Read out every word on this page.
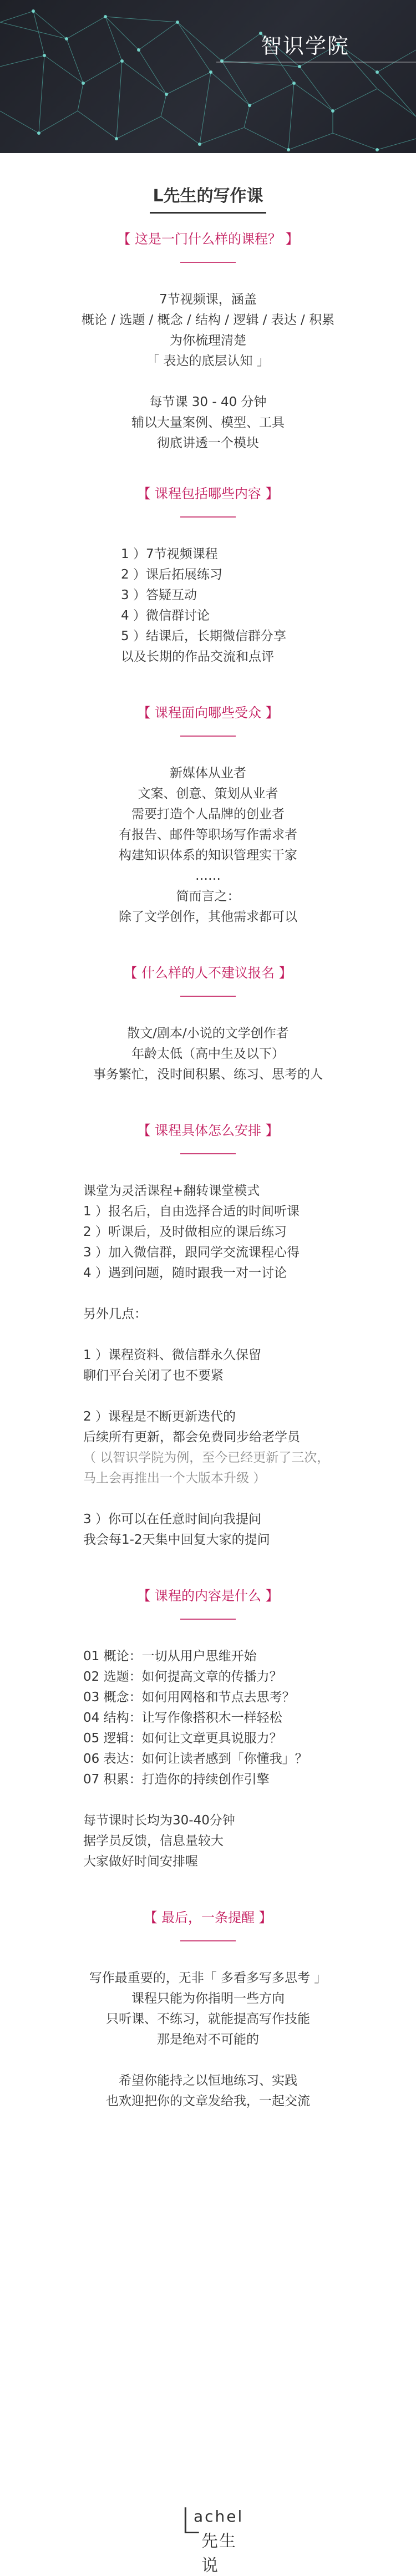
智识学院
L先生的写作课
【 这是一门什么样的课程？ 】
7节视频课，涵盖
概论 / 选题 / 概念 / 结构 / 逻辑 / 表达 / 积累
为你梳理清楚
「 表达的底层认知 」
每节课 30 - 40 分钟
辅以大量案例、模型、工具
彻底讲透一个模块
【 课程包括哪些内容 】
1 ）7节视频课程
2 ）课后拓展练习
3 ）答疑互动
4 ）微信群讨论
5 ）结课后，长期微信群分享
以及长期的作品交流和点评
【 课程面向哪些受众 】
新媒体从业者
文案、创意、策划从业者
需要打造个人品牌的创业者
有报告、邮件等职场写作需求者
构建知识体系的知识管理实干家
……
简而言之：
除了文学创作，其他需求都可以
【 什么样的人不建议报名 】
散文/剧本/小说的文学创作者
年龄太低（高中生及以下）
事务繁忙，没时间积累、练习、思考的人
【 课程具体怎么安排 】
课堂为灵活课程+翻转课堂模式
1 ）报名后，自由选择合适的时间听课
2 ）听课后，及时做相应的课后练习
3 ）加入微信群，跟同学交流课程心得
4 ）遇到问题，随时跟我一对一讨论
另外几点：
1 ）课程资料、微信群永久保留
聊们平台关闭了也不要紧
2 ）课程是不断更新迭代的
后续所有更新，都会免费同步给老学员
（ 以智识学院为例，至今已经更新了三次，
马上会再推出一个大版本升级 ）
3 ）你可以在任意时间向我提问
我会每1-2天集中回复大家的提问
【 课程的内容是什么 】
01 概论：一切从用户思维开始
02 选题：如何提高文章的传播力？
03 概念：如何用网格和节点去思考？
04 结构：让写作像搭积木一样轻松
05 逻辑：如何让文章更具说服力？
06 表达：如何让读者感到「你懂我」？
07 积累：打造你的持续创作引擎
每节课时长均为30-40分钟
据学员反馈，信息量较大
大家做好时间安排喔
【 最后，一条提醒 】
写作最重要的，无非「 多看多写多思考 」
课程只能为你指明一些方向
只听课、不练习，就能提高写作技能
那是绝对不可能的
希望你能持之以恒地练习、实践
也欢迎把你的文章发给我，一起交流
L
achel
先生说
